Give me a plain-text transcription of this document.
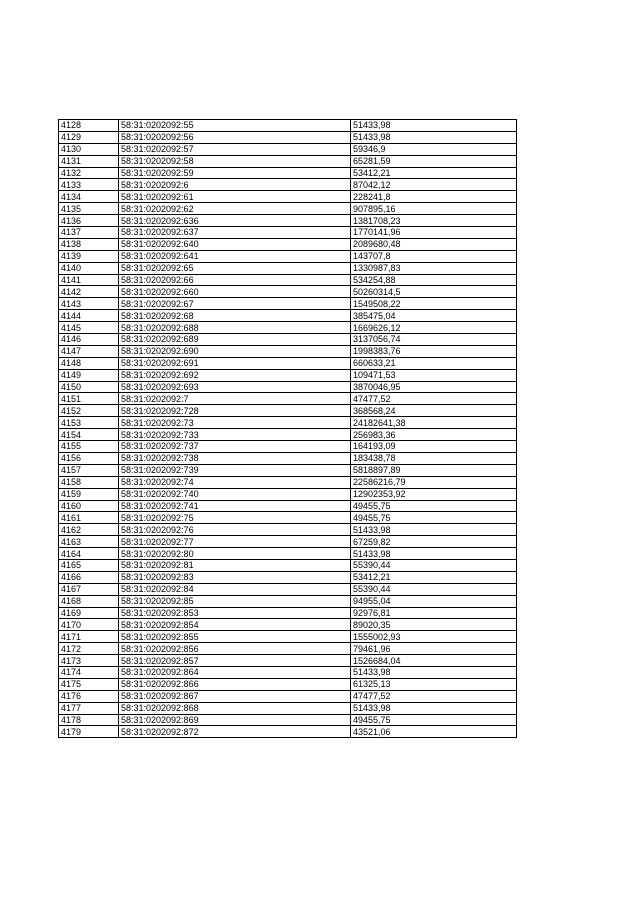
4128	58:31:0202092:55	51433,98
4129	58:31:0202092:56	51433,98
4130	58:31:0202092:57	59346,9
4131	58:31:0202092:58	65281,59
4132	58:31:0202092:59	53412,21
4133	58:31:0202092:6	87042,12
4134	58:31:0202092:61	228241,8
4135	58:31:0202092:62	907895,16
4136	58:31:0202092:636	1381708,23
4137	58:31:0202092:637	1770141,96
4138	58:31:0202092:640	2089680,48
4139	58:31:0202092:641	143707,8
4140	58:31:0202092:65	1330987,83
4141	58:31:0202092:66	534254,88
4142	58:31:0202092:660	50260314,5
4143	58:31:0202092:67	1549508,22
4144	58:31:0202092:68	385475,04
4145	58:31:0202092:688	1669626,12
4146	58:31:0202092:689	3137056,74
4147	58:31:0202092:690	1998383,76
4148	58:31:0202092:691	660633,21
4149	58:31:0202092:692	109471,53
4150	58:31:0202092:693	3870046,95
4151	58:31:0202092:7	47477,52
4152	58:31:0202092:728	368568,24
4153	58:31:0202092:73	24182641,38
4154	58:31:0202092:733	256983,36
4155	58:31:0202092:737	164193,09
4156	58:31:0202092:738	183438,78
4157	58:31:0202092:739	5818897,89
4158	58:31:0202092:74	22586216,79
4159	58:31:0202092:740	12902353,92
4160	58:31:0202092:741	49455,75
4161	58:31:0202092:75	49455,75
4162	58:31:0202092:76	51433,98
4163	58:31:0202092:77	67259,82
4164	58:31:0202092:80	51433,98
4165	58:31:0202092:81	55390,44
4166	58:31:0202092:83	53412,21
4167	58:31:0202092:84	55390,44
4168	58:31:0202092:85	94955,04
4169	58:31:0202092:853	92976,81
4170	58:31:0202092:854	89020,35
4171	58:31:0202092:855	1555002,93
4172	58:31:0202092:856	79461,96
4173	58:31:0202092:857	1526684,04
4174	58:31:0202092:864	51433,98
4175	58:31:0202092:866	61325,13
4176	58:31:0202092:867	47477,52
4177	58:31:0202092:868	51433,98
4178	58:31:0202092:869	49455,75
4179	58:31:0202092:872	43521,06
